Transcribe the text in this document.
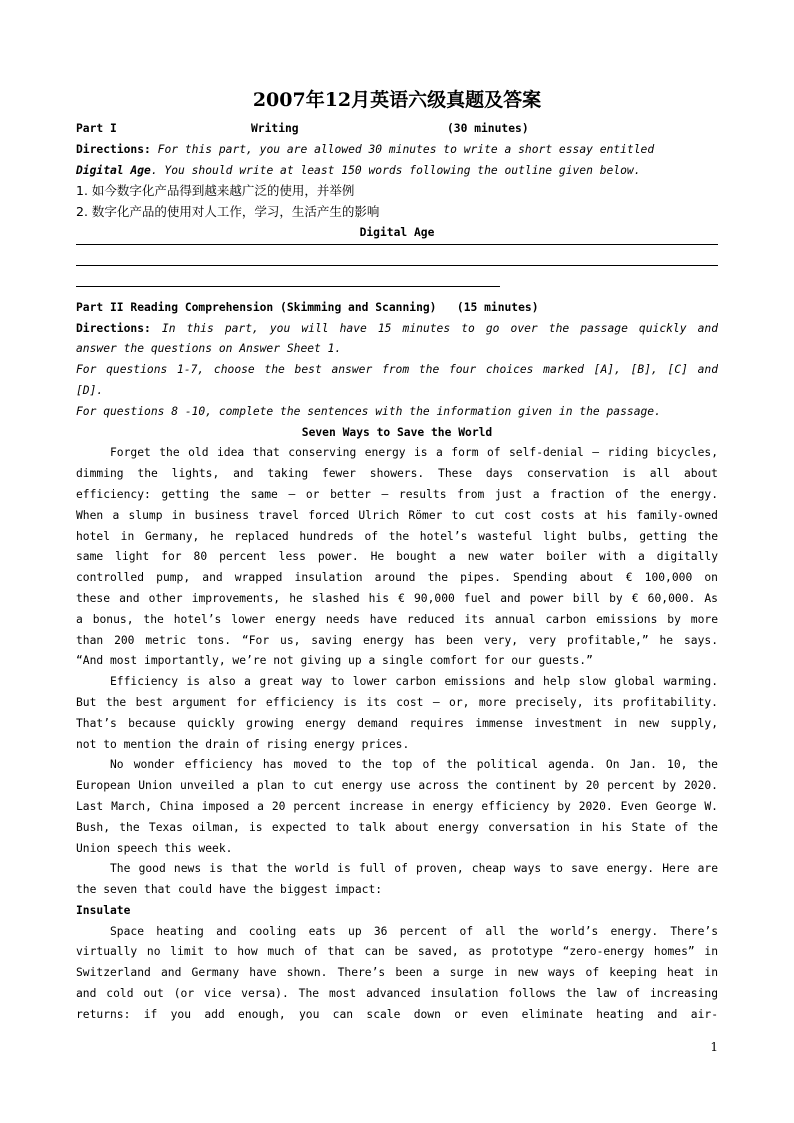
2007年12月英语六级真题及答案
Part I	Writing	(30 minutes)
Directions: For this part, you are allowed 30 minutes to write a short essay entitled
Digital Age. You should write at least 150 words following the outline given below.
1. 如今数字化产品得到越来越广泛的使用，并举例
2. 数字化产品的使用对人工作，学习，生活产生的影响
Digital Age
Part II Reading Comprehension (Skimming and Scanning) (15 minutes)
Directions: In this part, you will have 15 minutes to go over the passage quickly and
answer the questions on Answer Sheet 1.
For questions 1-7, choose the best answer from the four choices marked [A], [B], [C] and
[D].
For questions 8 -10, complete the sentences with the information given in the passage.
Seven Ways to Save the World
Forget the old idea that conserving energy is a form of self-denial — riding bicycles,
dimming the lights, and taking fewer showers. These days conservation is all about
efficiency: getting the same — or better — results from just a fraction of the energy.
When a slump in business travel forced Ulrich Römer to cut cost costs at his family-owned
hotel in Germany, he replaced hundreds of the hotel’s wasteful light bulbs, getting the
same light for 80 percent less power. He bought a new water boiler with a digitally
controlled pump, and wrapped insulation around the pipes. Spending about € 100,000 on
these and other improvements, he slashed his € 90,000 fuel and power bill by € 60,000. As
a bonus, the hotel’s lower energy needs have reduced its annual carbon emissions by more
than 200 metric tons. “For us, saving energy has been very, very profitable,” he says.
“And most importantly, we’re not giving up a single comfort for our guests.”
Efficiency is also a great way to lower carbon emissions and help slow global warming.
But the best argument for efficiency is its cost — or, more precisely, its profitability.
That’s because quickly growing energy demand requires immense investment in new supply,
not to mention the drain of rising energy prices.
No wonder efficiency has moved to the top of the political agenda. On Jan. 10, the
European Union unveiled a plan to cut energy use across the continent by 20 percent by 2020.
Last March, China imposed a 20 percent increase in energy efficiency by 2020. Even George W.
Bush, the Texas oilman, is expected to talk about energy conversation in his State of the
Union speech this week.
The good news is that the world is full of proven, cheap ways to save energy. Here are
the seven that could have the biggest impact:
Insulate
Space heating and cooling eats up 36 percent of all the world’s energy. There’s
virtually no limit to how much of that can be saved, as prototype “zero-energy homes” in
Switzerland and Germany have shown. There’s been a surge in new ways of keeping heat in
and cold out (or vice versa). The most advanced insulation follows the law of increasing
returns: if you add enough, you can scale down or even eliminate heating and air-
1
